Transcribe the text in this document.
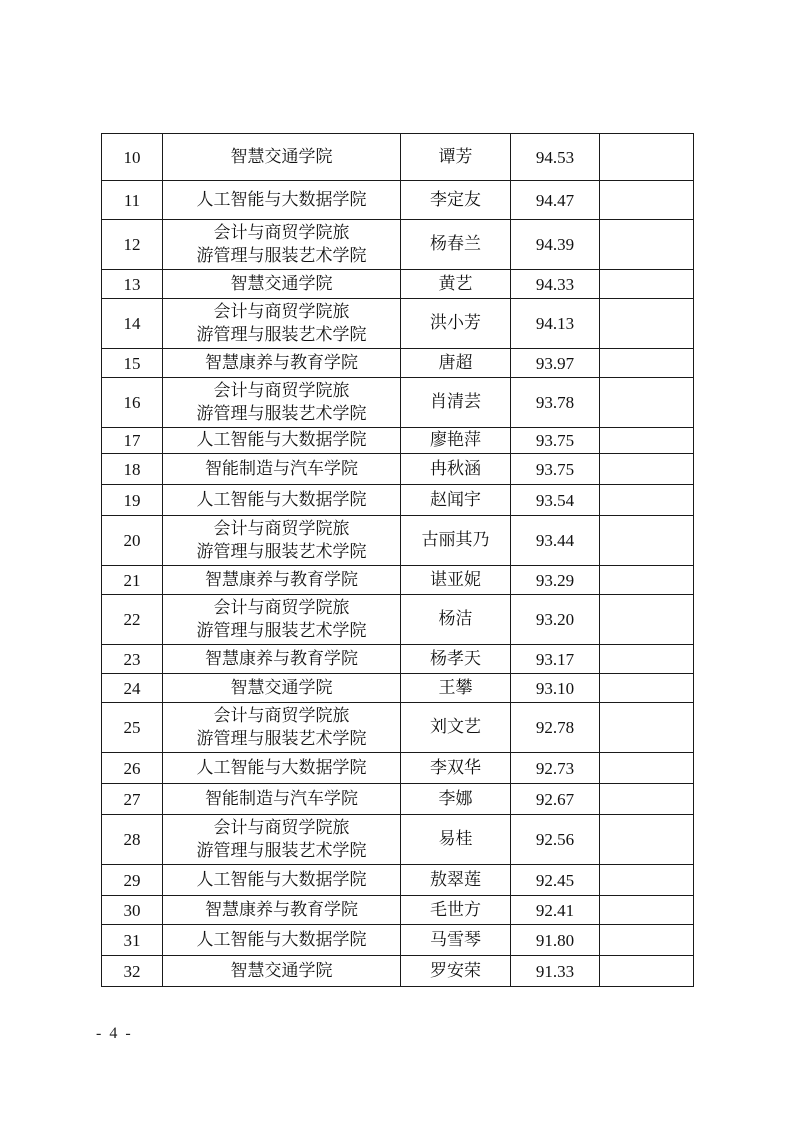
10	智慧交通学院	谭芳	94.53	
11	人工智能与大数据学院	李定友	94.47	
12	会计与商贸学院旅
游管理与服装艺术学院	杨春兰	94.39	
13	智慧交通学院	黄艺	94.33	
14	会计与商贸学院旅
游管理与服装艺术学院	洪小芳	94.13	
15	智慧康养与教育学院	唐超	93.97	
16	会计与商贸学院旅
游管理与服装艺术学院	肖清芸	93.78	
17	人工智能与大数据学院	廖艳萍	93.75	
18	智能制造与汽车学院	冉秋涵	93.75	
19	人工智能与大数据学院	赵闻宇	93.54	
20	会计与商贸学院旅
游管理与服装艺术学院	古丽其乃	93.44	
21	智慧康养与教育学院	谌亚妮	93.29	
22	会计与商贸学院旅
游管理与服装艺术学院	杨洁	93.20	
23	智慧康养与教育学院	杨孝天	93.17	
24	智慧交通学院	王攀	93.10	
25	会计与商贸学院旅
游管理与服装艺术学院	刘文艺	92.78	
26	人工智能与大数据学院	李双华	92.73	
27	智能制造与汽车学院	李娜	92.67	
28	会计与商贸学院旅
游管理与服装艺术学院	易桂	92.56	
29	人工智能与大数据学院	敖翠莲	92.45	
30	智慧康养与教育学院	毛世方	92.41	
31	人工智能与大数据学院	马雪琴	91.80	
32	智慧交通学院	罗安荣	91.33	
- 4 -
